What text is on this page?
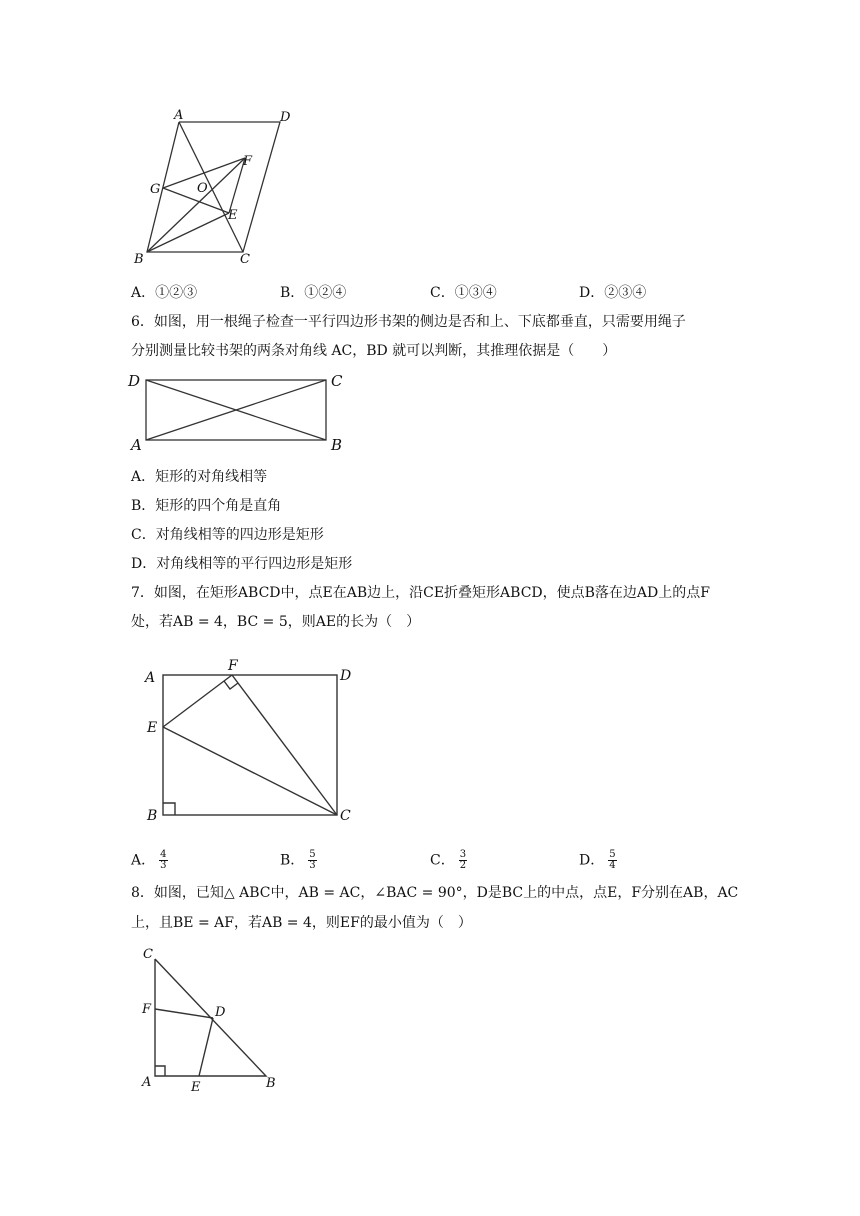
A	D
F
G	O
E
B	C
A．①②③	B．①②④	C．①③④	D．②③④
6．如图，用一根绳子检查一平行四边形书架的侧边是否和上、下底都垂直，只需要用绳子
分别测量比较书架的两条对角线 AC，BD 就可以判断，其推理依据是（　　）
D	C
A	B
A．矩形的对角线相等
B．矩形的四个角是直角
C．对角线相等的四边形是矩形
D．对角线相等的平行四边形是矩形
7．如图，在矩形ABCD中，点E在AB边上，沿CE折叠矩形ABCD，使点B落在边AD上的点F
处，若AB = 4，BC = 5，则AE的长为（　）
A
F
D
E
B	C
A． $\frac{4}{3}$	B． $\frac{5}{3}$	C． $\frac{3}{2}$	D． $\frac{5}{4}$
8．如图，已知△ ABC中，AB = AC，∠BAC = 90°，D是BC上的中点，点E，F分别在AB，AC
上，且BE = AF，若AB = 4，则EF的最小值为（　）
C
F	D
A	E	B
